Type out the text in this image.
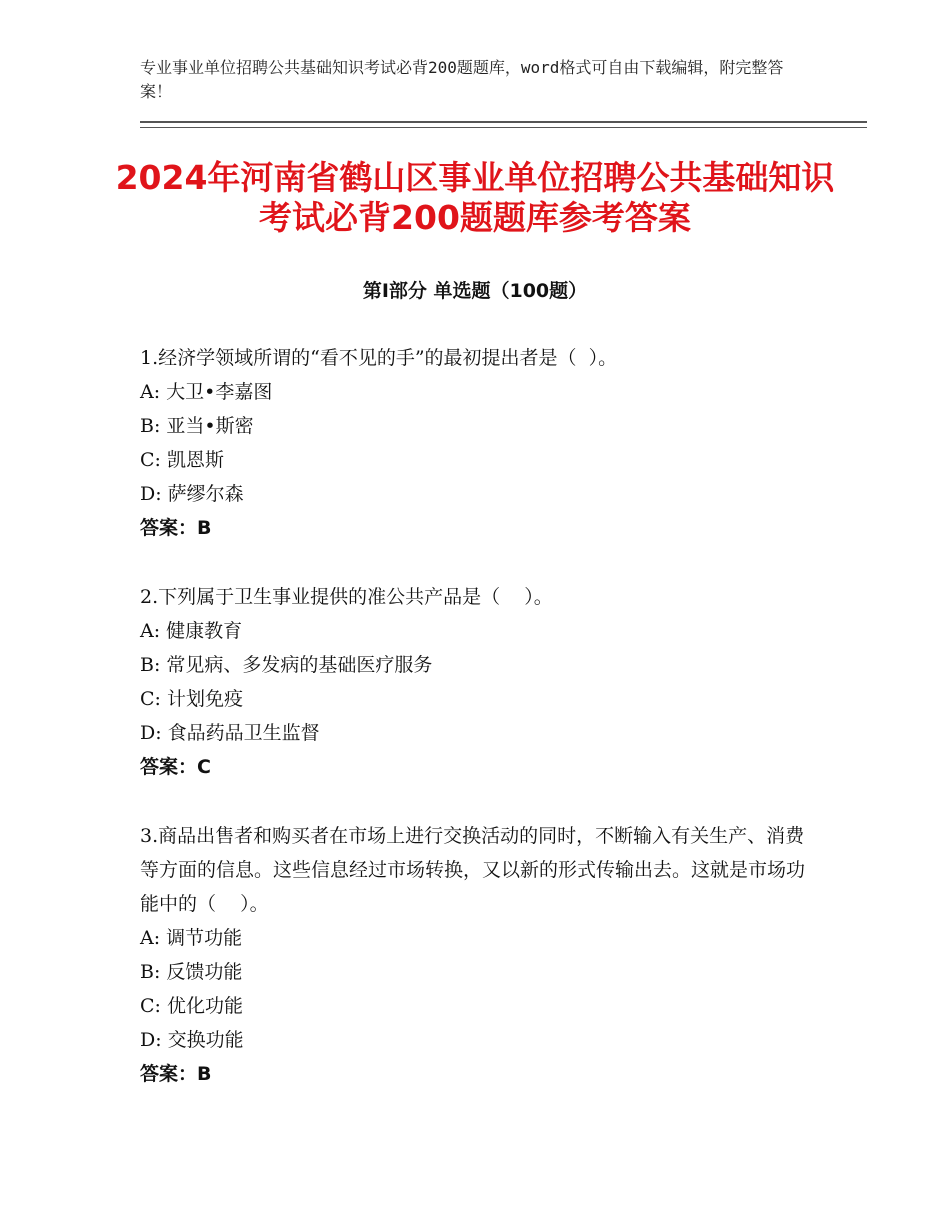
专业事业单位招聘公共基础知识考试必背200题题库，word格式可自由下载编辑，附完整答案！
2024年河南省鹤山区事业单位招聘公共基础知识考试必背200题题库参考答案
第Ⅰ部分 单选题（100题）

1.经济学领域所谓的“看不见的手”的最初提出者是（  ）。

A: 大卫•李嘉图

B: 亚当•斯密

C: 凯恩斯

D: 萨缪尔森

答案：B

2.下列属于卫生事业提供的准公共产品是（    ）。

A: 健康教育

B: 常见病、多发病的基础医疗服务

C: 计划免疫

D: 食品药品卫生监督

答案：C

3.商品出售者和购买者在市场上进行交换活动的同时，不断输入有关生产、消费等方面的信息。这些信息经过市场转换，又以新的形式传输出去。这就是市场功能中的（    ）。

A: 调节功能

B: 反馈功能

C: 优化功能

D: 交换功能

答案：B
